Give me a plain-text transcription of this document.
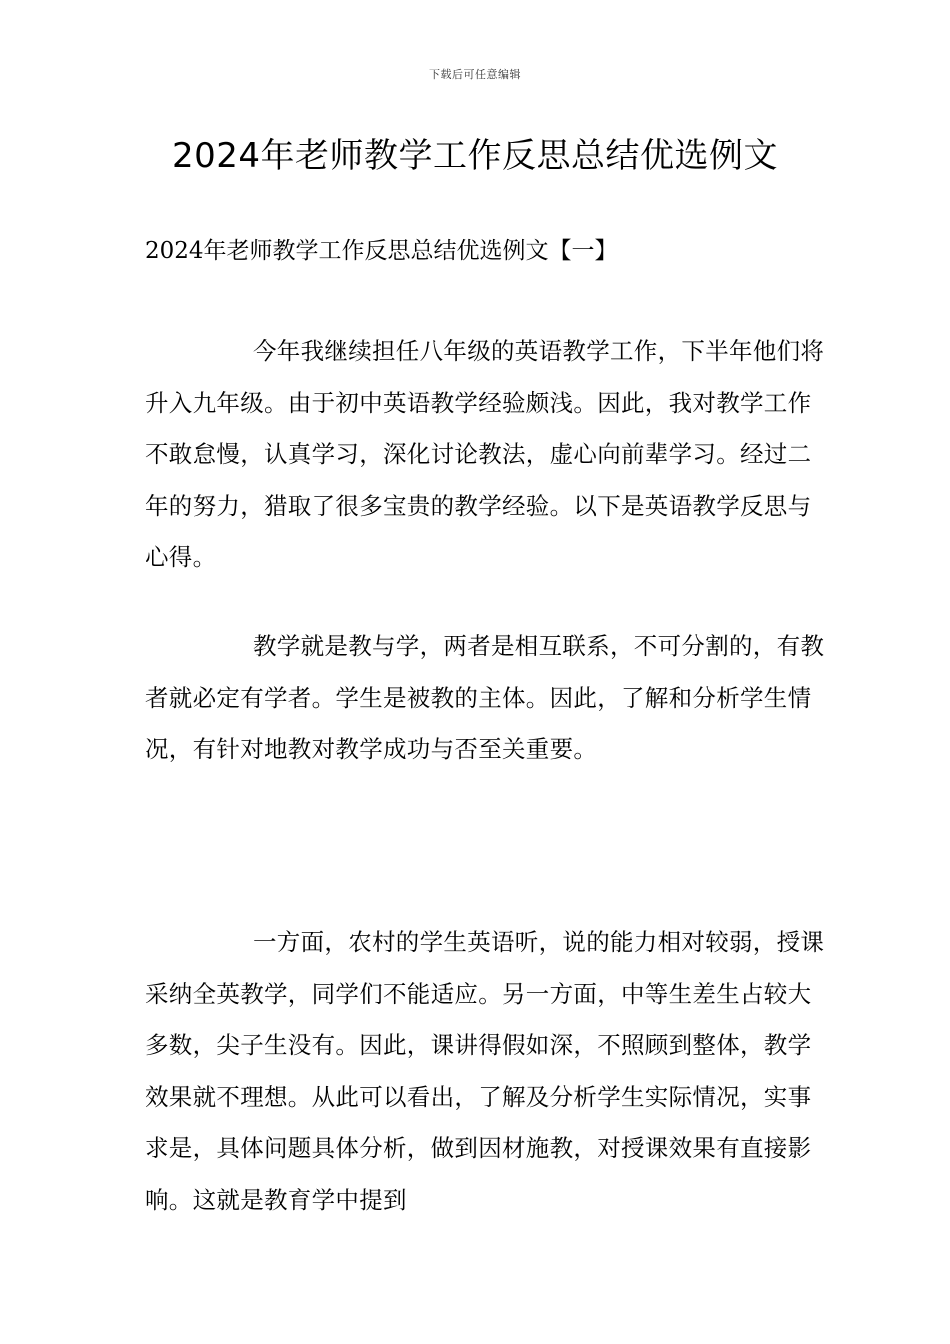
下载后可任意编辑
2024年老师教学工作反思总结优选例文
2024年老师教学工作反思总结优选例文【一】

今年我继续担任八年级的英语教学工作，下半年他们将升入九年级。由于初中英语教学经验颇浅。因此，我对教学工作不敢怠慢，认真学习，深化讨论教法，虚心向前辈学习。经过二年的努力，猎取了很多宝贵的教学经验。以下是英语教学反思与心得。

教学就是教与学，两者是相互联系，不可分割的，有教者就必定有学者。学生是被教的主体。因此，了解和分析学生情况，有针对地教对教学成功与否至关重要。

一方面，农村的学生英语听，说的能力相对较弱，授课采纳全英教学，同学们不能适应。另一方面，中等生差生占较大多数，尖子生没有。因此，课讲得假如深，不照顾到整体，教学效果就不理想。从此可以看出，了解及分析学生实际情况，实事求是，具体问题具体分析，做到因材施教，对授课效果有直接影响。这就是教育学中提到
